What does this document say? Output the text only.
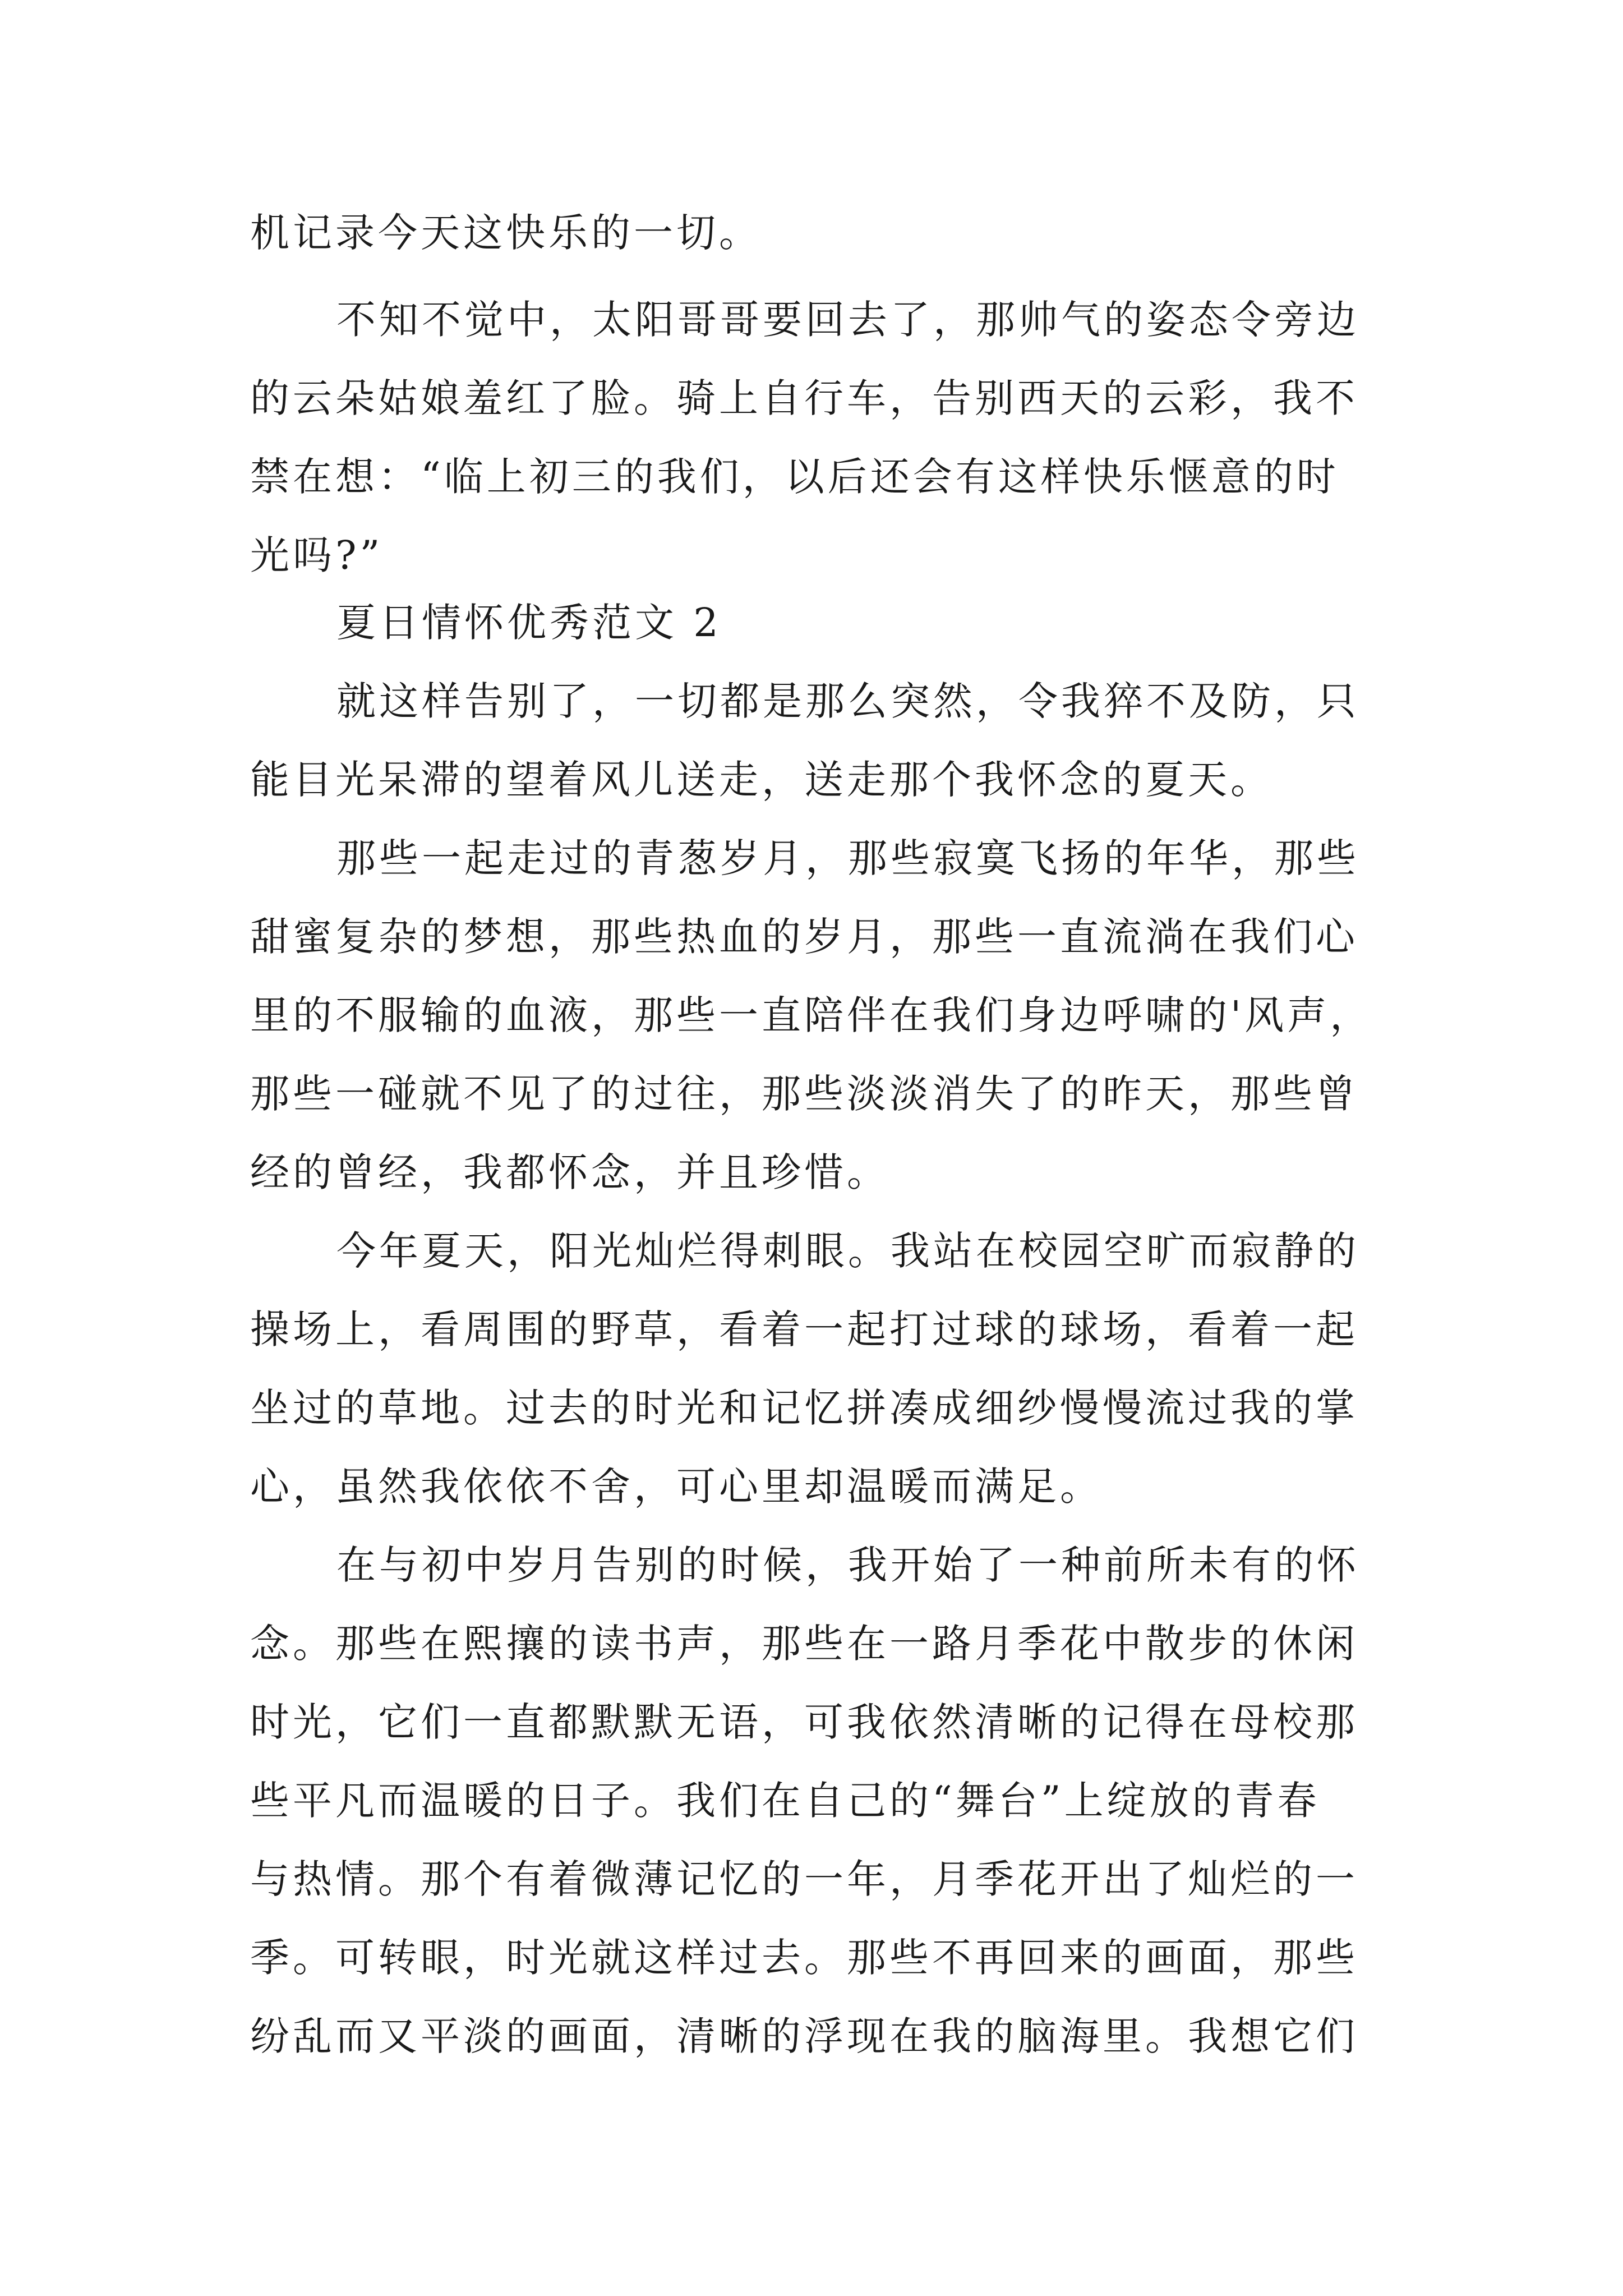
机记录今天这快乐的一切。
不知不觉中，太阳哥哥要回去了，那帅气的姿态令旁边
的云朵姑娘羞红了脸。骑上自行车，告别西天的云彩，我不
禁在想：“临上初三的我们，以后还会有这样快乐惬意的时
光吗?”
夏日情怀优秀范文 2
就这样告别了，一切都是那么突然，令我猝不及防，只
能目光呆滞的望着风儿送走，送走那个我怀念的夏天。
那些一起走过的青葱岁月，那些寂寞飞扬的年华，那些
甜蜜复杂的梦想，那些热血的岁月，那些一直流淌在我们心
里的不服输的血液，那些一直陪伴在我们身边呼啸的'风声，
那些一碰就不见了的过往，那些淡淡消失了的昨天，那些曾
经的曾经，我都怀念，并且珍惜。
今年夏天，阳光灿烂得刺眼。我站在校园空旷而寂静的
操场上，看周围的野草，看着一起打过球的球场，看着一起
坐过的草地。过去的时光和记忆拼凑成细纱慢慢流过我的掌
心，虽然我依依不舍，可心里却温暖而满足。
在与初中岁月告别的时候，我开始了一种前所未有的怀
念。那些在熙攘的读书声，那些在一路月季花中散步的休闲
时光，它们一直都默默无语，可我依然清晰的记得在母校那
些平凡而温暖的日子。我们在自己的“舞台”上绽放的青春
与热情。那个有着微薄记忆的一年，月季花开出了灿烂的一
季。可转眼，时光就这样过去。那些不再回来的画面，那些
纷乱而又平淡的画面，清晰的浮现在我的脑海里。我想它们
